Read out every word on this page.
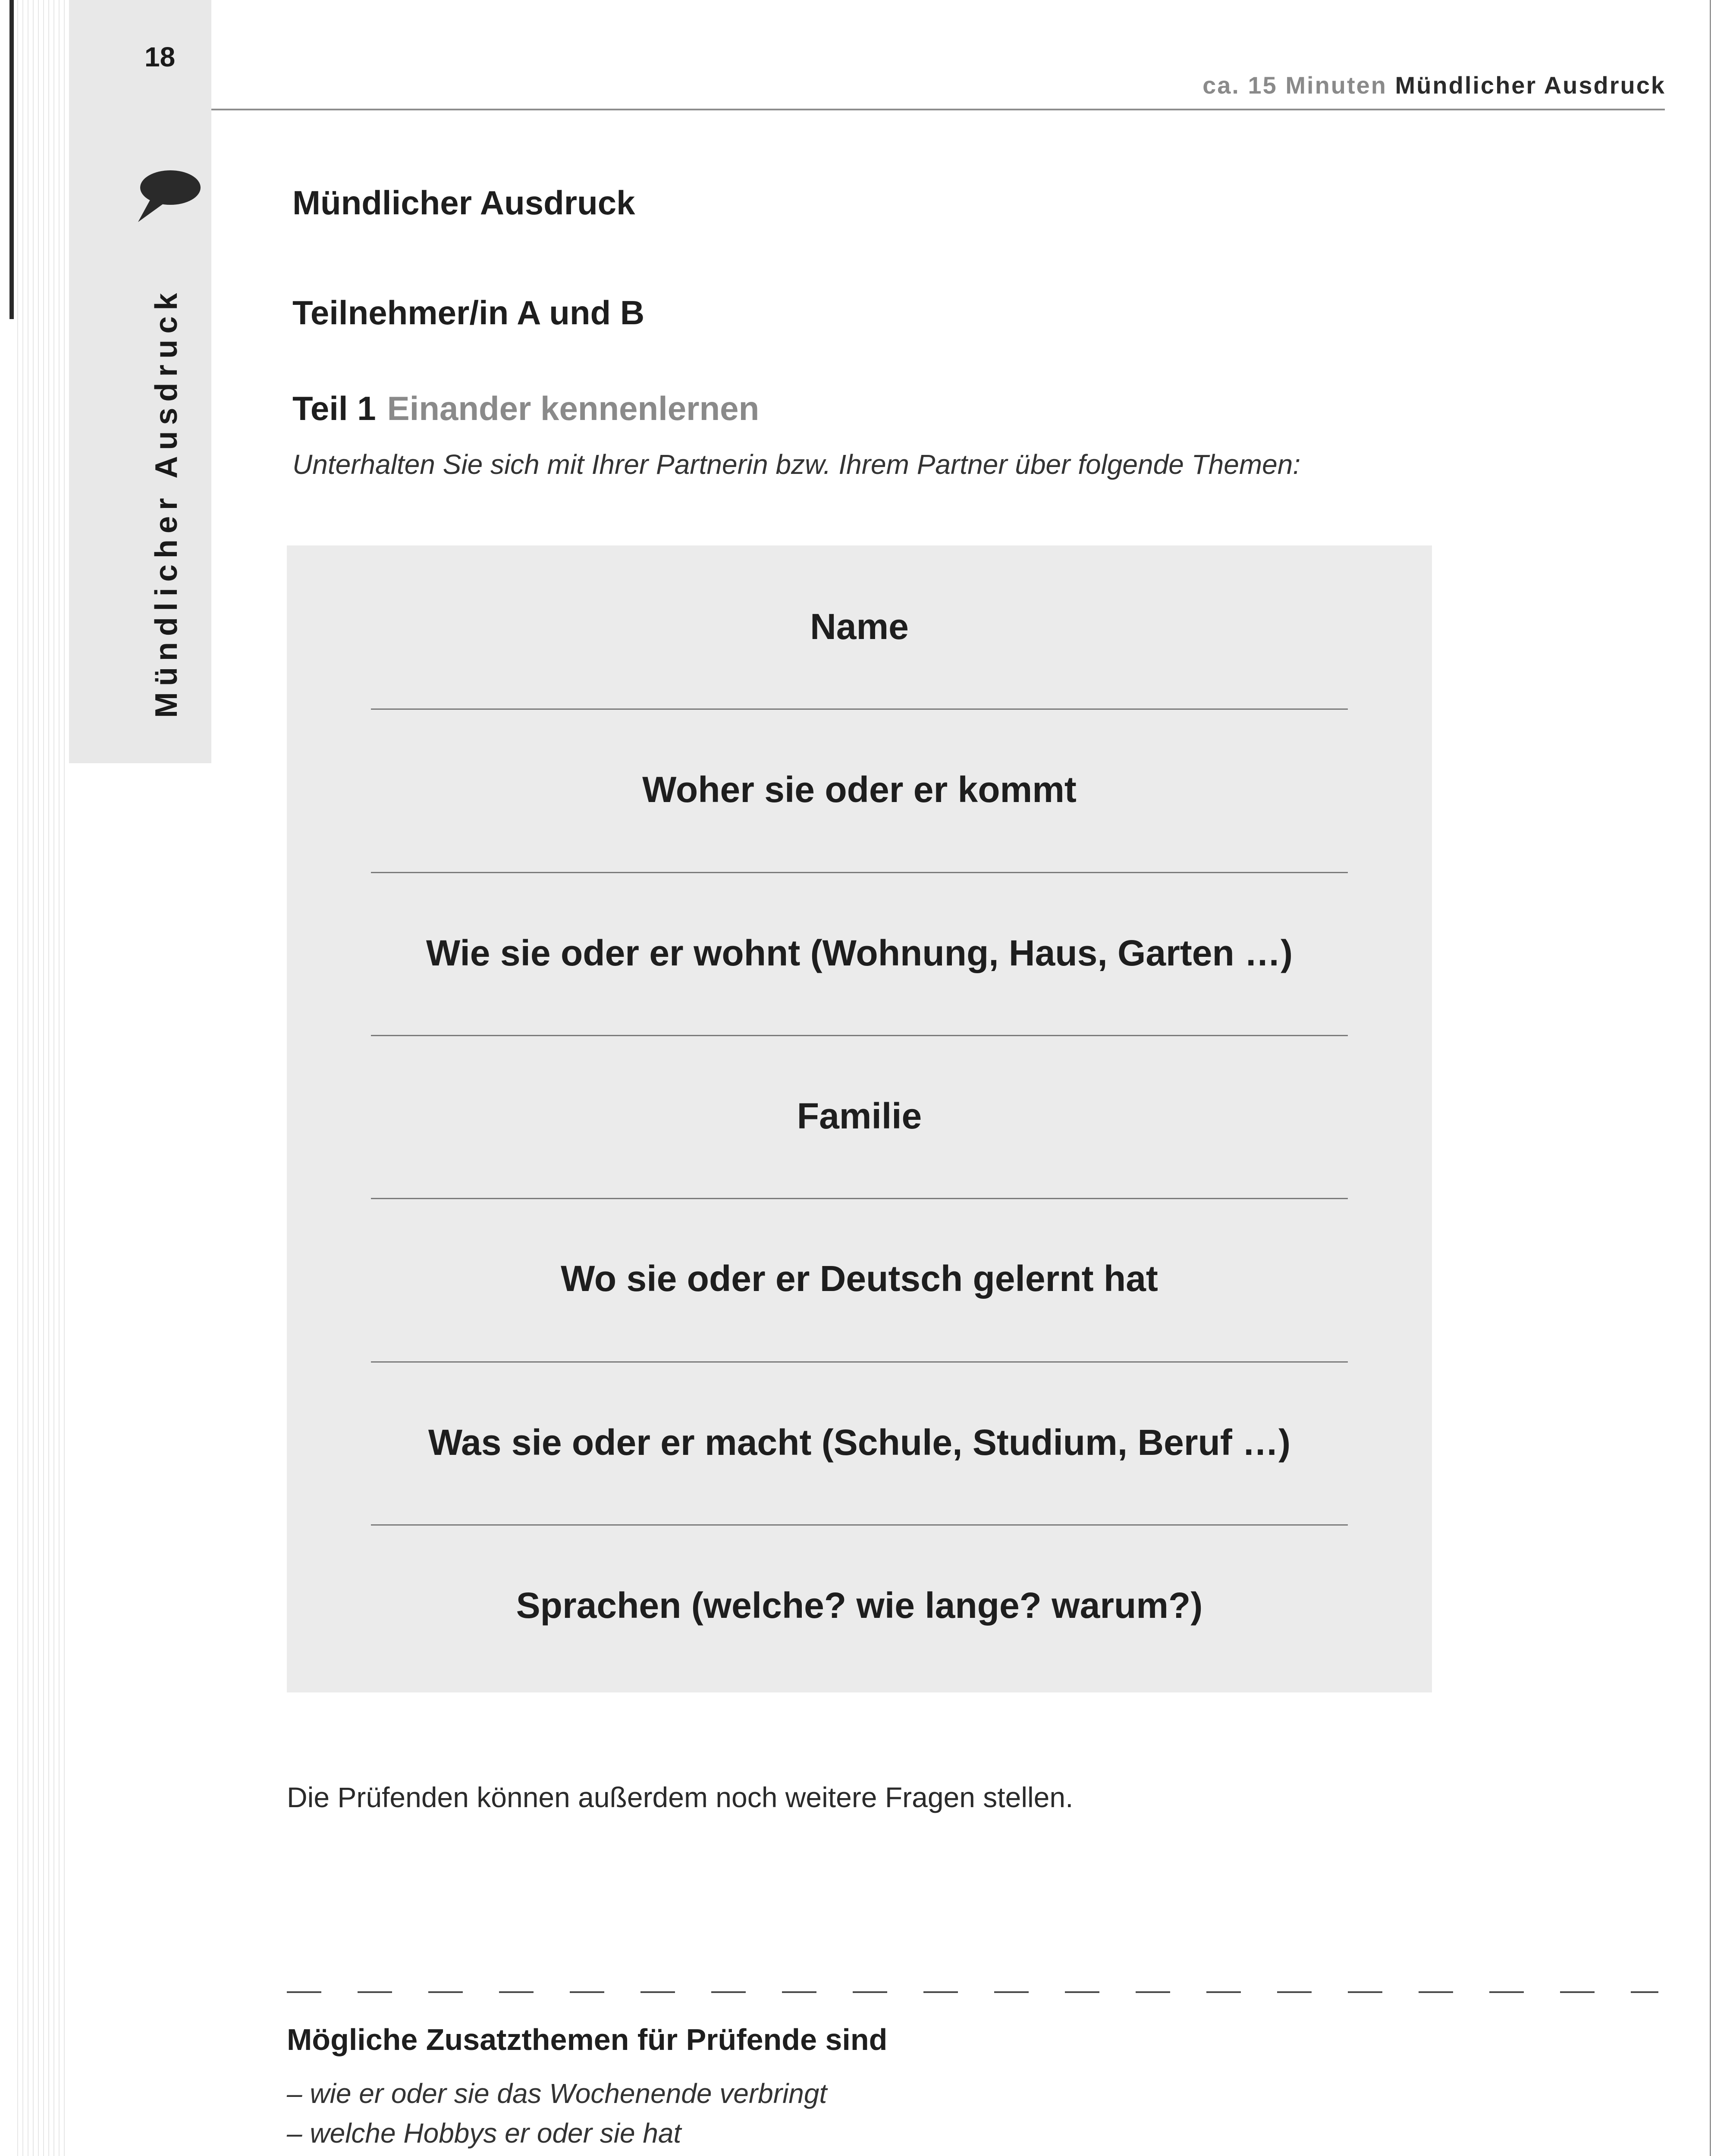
18
Mündlicher Ausdruck
ca. 15 Minuten Mündlicher Ausdruck
Mündlicher Ausdruck
Teilnehmer/in A und B
Teil 1 Einander kennenlernen
Unterhalten Sie sich mit Ihrer Partnerin bzw. Ihrem Partner über folgende Themen:
Name
Woher sie oder er kommt
Wie sie oder er wohnt (Wohnung, Haus, Garten …)
Familie
Wo sie oder er Deutsch gelernt hat
Was sie oder er macht (Schule, Studium, Beruf …)
Sprachen (welche? wie lange? warum?)
Die Prüfenden können außerdem noch weitere Fragen stellen.
Mögliche Zusatzthemen für Prüfende sind
– wie er oder sie das Wochenende verbringt
– welche Hobbys er oder sie hat
